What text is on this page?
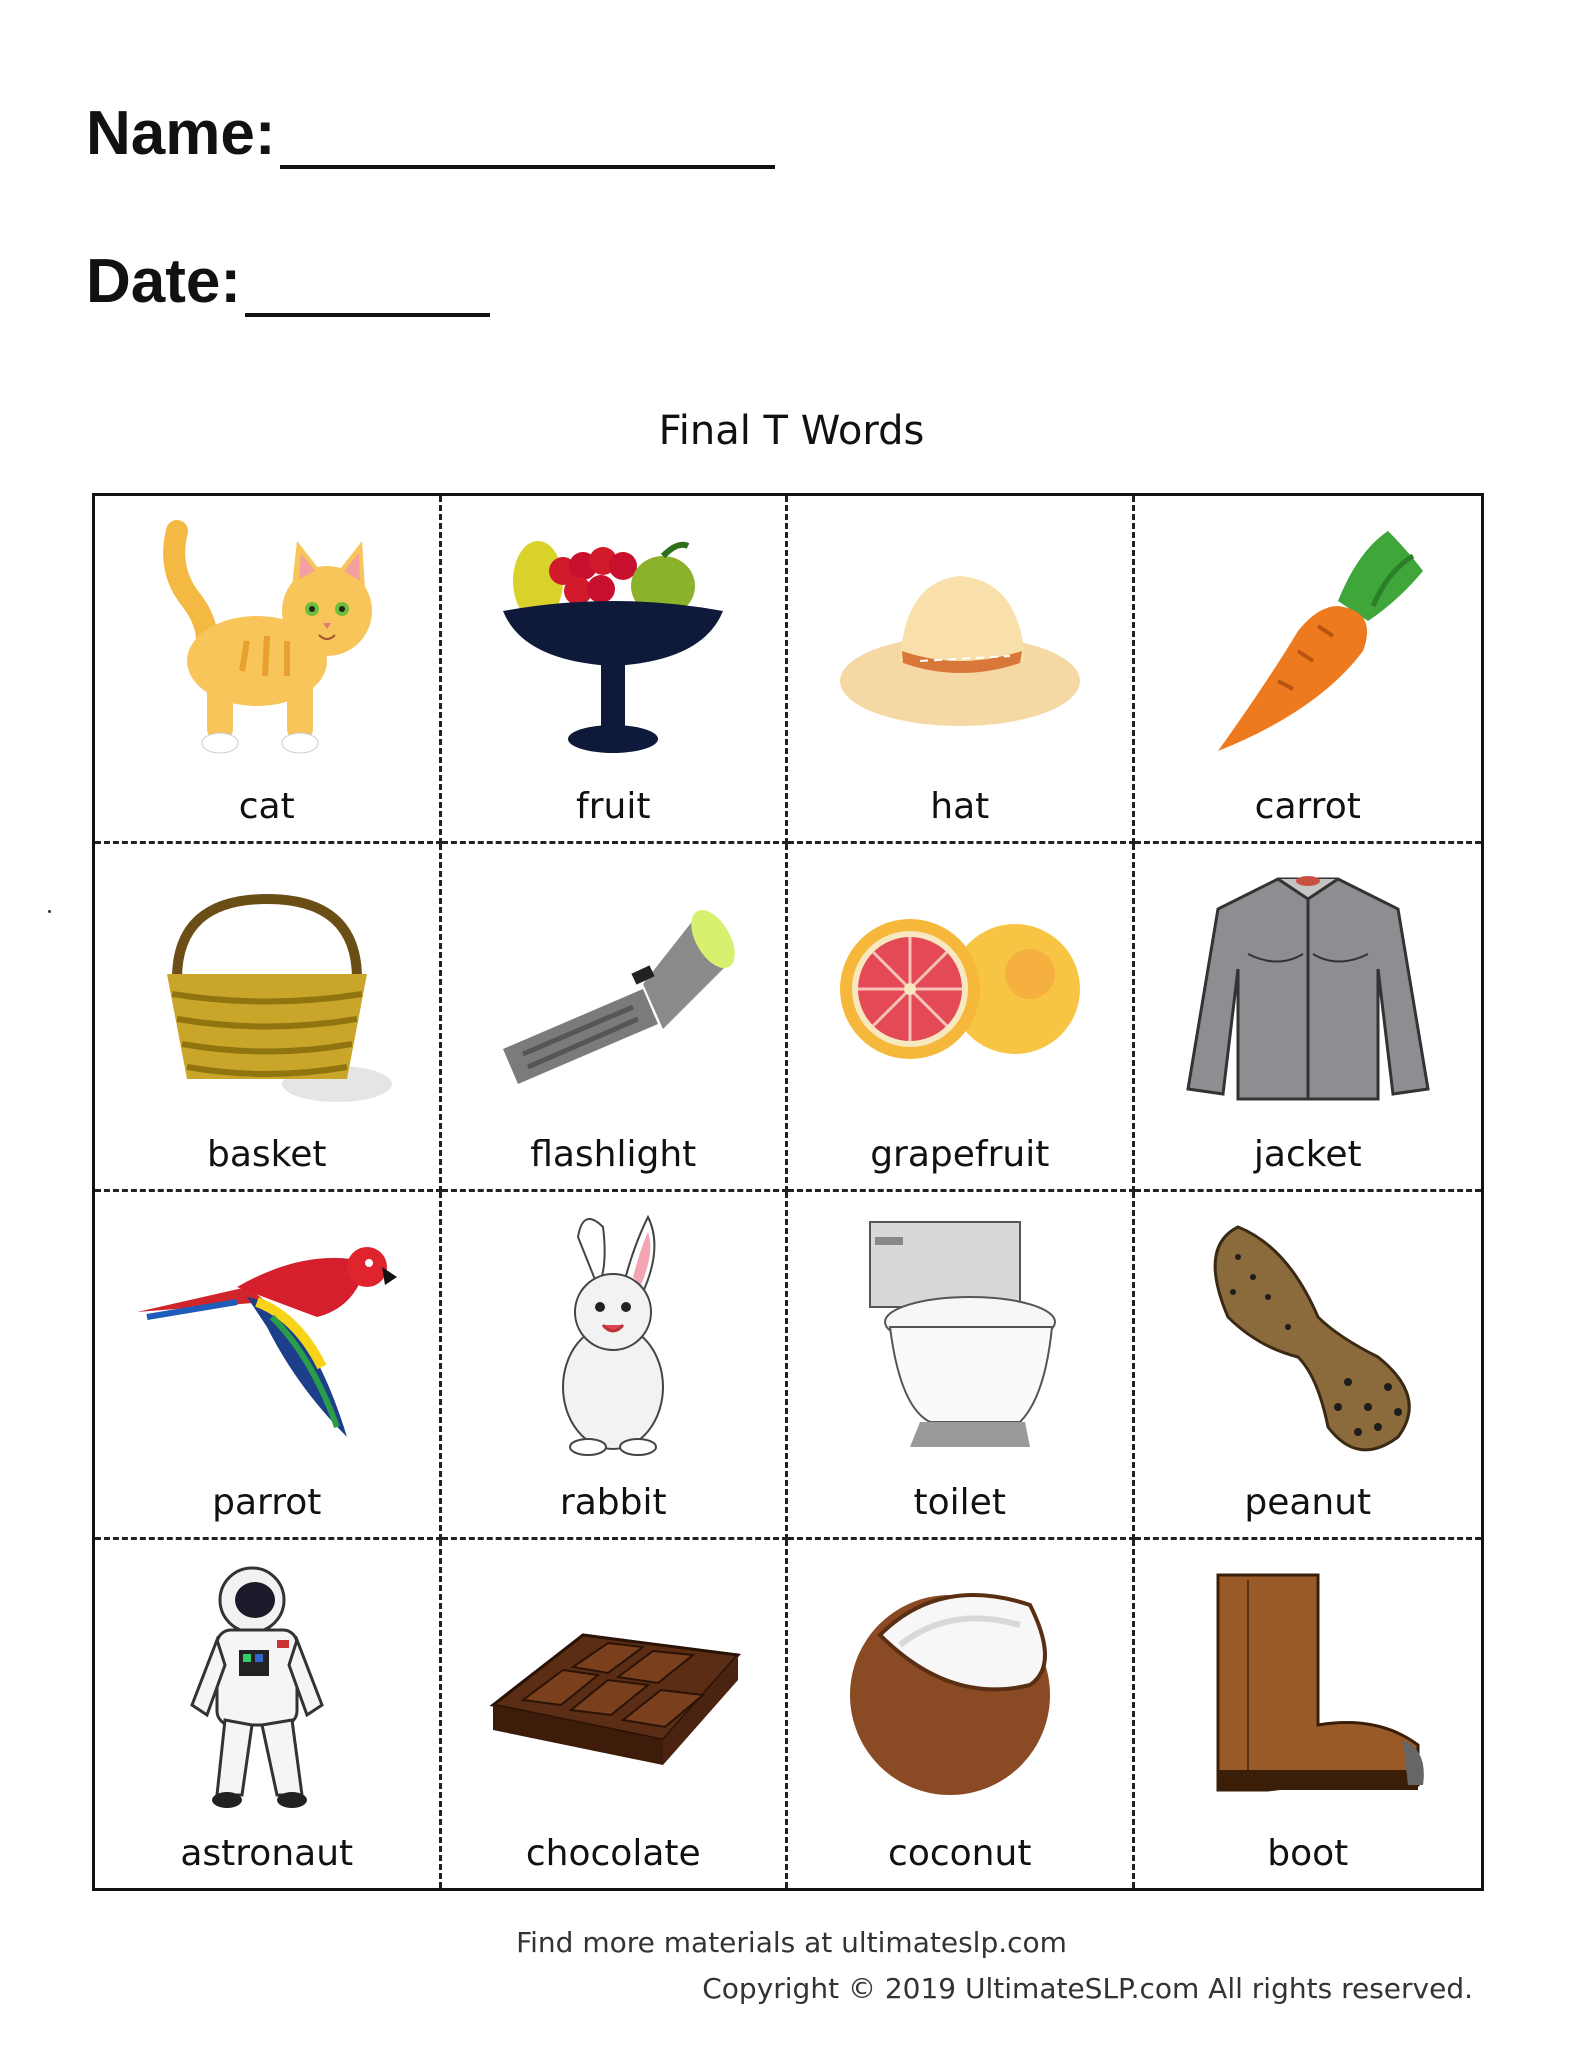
Name:
Date:
Final T Words
cat	fruit	hat	carrot
basket	flashlight	grapefruit	jacket
parrot	rabbit	toilet	peanut
astronaut	chocolate	coconut	boot
Find more materials at ultimateslp.com
Copyright © 2019 UltimateSLP.com All rights reserved.
